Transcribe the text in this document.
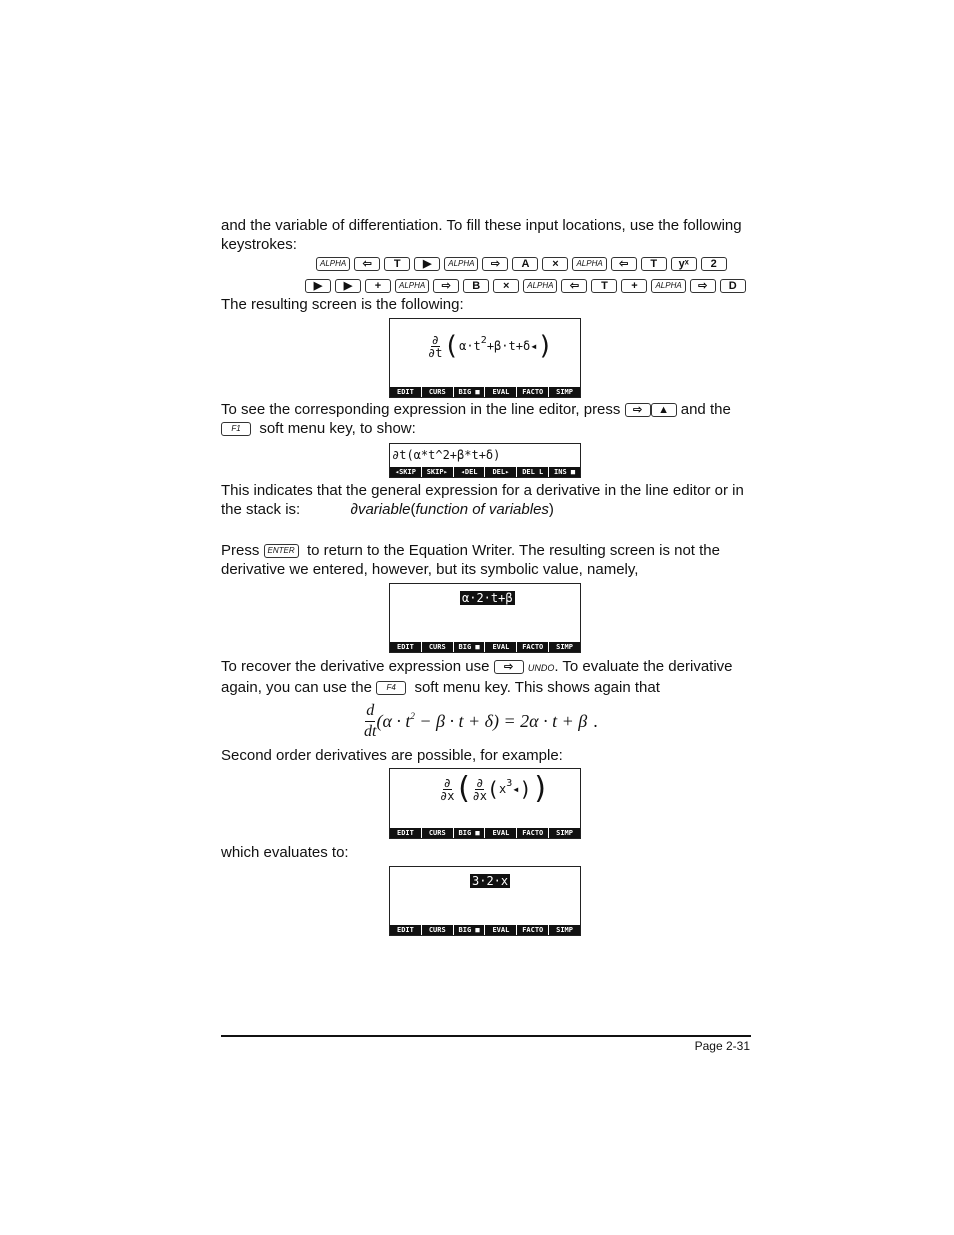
and the variable of differentiation. To fill these input locations, use the following keystrokes:

ALPHA	⇦	T	▶	ALPHA	⇨	A	×	ALPHA	⇦	T	yˣ	2
▶	▶	+	ALPHA	⇨	B	×	ALPHA	⇦	T	+	ALPHA	⇨	D

The resulting screen is the following:

$\frac{\partial}{\partial t}$ ( $\alpha\cdot t^2 +\beta\cdot t+\delta$ ◂ )
EDIT	CURS	BIG ■	EVAL	FACTO	SIMP

To see the corresponding expression in the line editor, press ⇨ ▲ and the
F1 soft menu key, to show:

∂t(α*t^2+β*t+δ)
◂SKIP	SKIP▸	◂DEL	DEL▸	DEL L	INS ■

This indicates that the general expression for a derivative in the line editor or in
the stack is:	∂variable(function of variables)

Press ENTER to return to the Equation Writer. The resulting screen is not the
derivative we entered, however, but its symbolic value, namely,

α·2·t+β
EDIT	CURS	BIG ■	EVAL	FACTO	SIMP

To recover the derivative expression use ⇨ UNDO. To evaluate the derivative
again, you can use the F4 soft menu key. This shows again that

$\frac{d}{dt} (\alpha \cdot t^2 - \beta \cdot t + \delta) = 2\alpha \cdot t + \beta$ .

Second order derivatives are possible, for example:

$\frac{\partial}{\partial x}$ ( $\frac{\partial}{\partial x}$ ( $x^3$ ◂ ) )
EDIT	CURS	BIG ■	EVAL	FACTO	SIMP

which evaluates to:

3·2·x
EDIT	CURS	BIG ■	EVAL	FACTO	SIMP
Page 2-31
